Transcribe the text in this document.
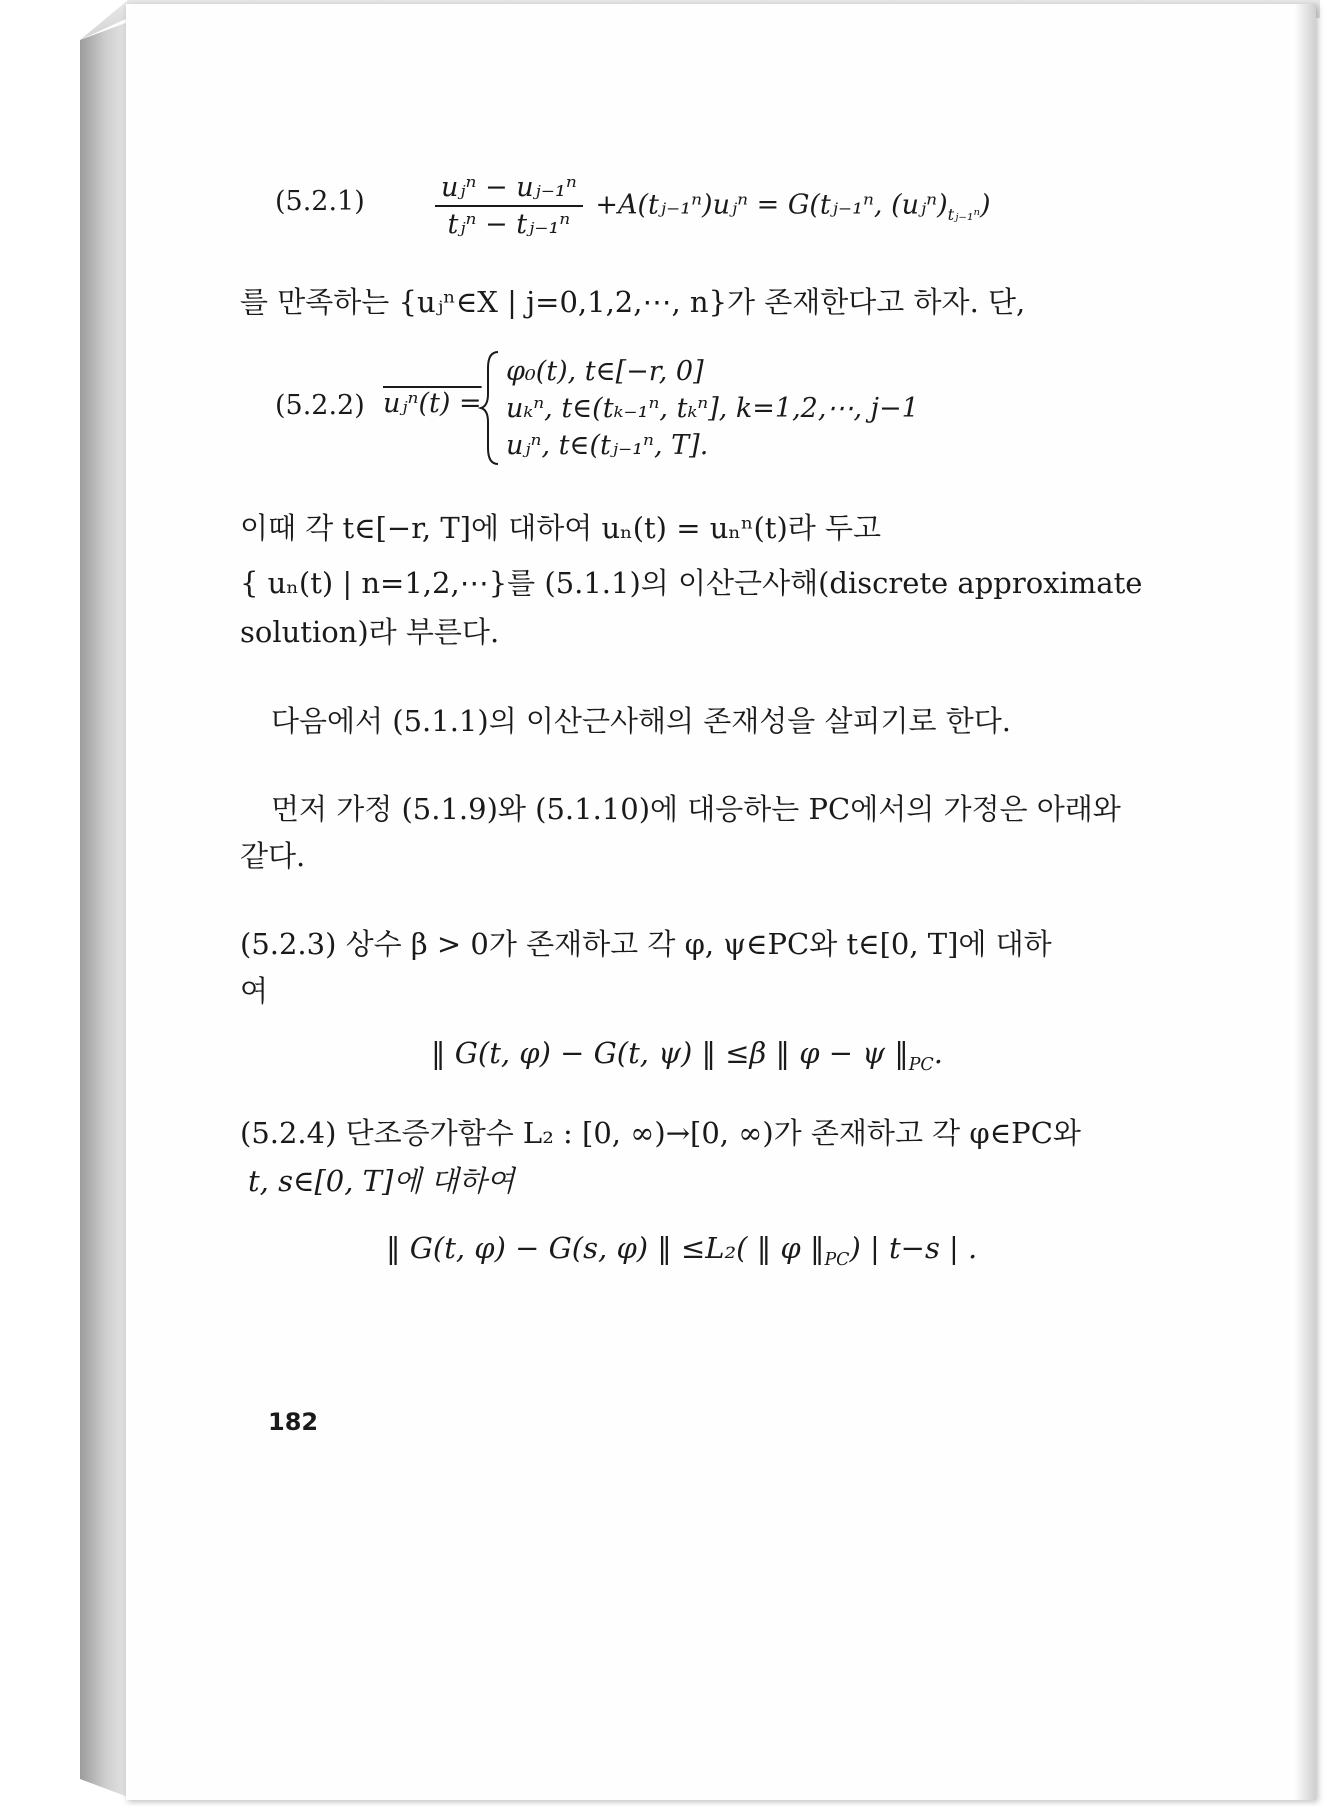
(5.2.1)	$\frac{\text{uⱼⁿ − uⱼ₋₁ⁿ}}{\text{tⱼⁿ − tⱼ₋₁ⁿ}}$ +A(tⱼ₋₁ⁿ)uⱼⁿ = G(tⱼ₋₁ⁿ, $(uⱼ^n)_{tⱼ_{-1}^n}$)
를 만족하는 {uⱼⁿ∈X | j=0,1,2,⋯, n}가 존재한다고 하자. 단,
(5.2.2) uⱼⁿ(t) =
φ₀(t), t∈[−r, 0]
uₖⁿ, t∈(tₖ₋₁ⁿ, tₖⁿ], k=1,2,⋯, j−1
uⱼⁿ, t∈(tⱼ₋₁ⁿ, T].
이때 각 t∈[−r, T]에 대하여 uₙ(t) = uₙⁿ(t)라 두고
{ uₙ(t) | n=1,2,⋯}를 (5.1.1)의 이산근사해(discrete approximate
solution)라 부른다.
다음에서 (5.1.1)의 이산근사해의 존재성을 살피기로 한다.
먼저 가정 (5.1.9)와 (5.1.10)에 대응하는 PC에서의 가정은 아래와
같다.
(5.2.3) 상수 β > 0가 존재하고 각 φ, ψ∈PC와 t∈[0, T]에 대하
여
‖ G(t, φ) − G(t, ψ) ‖ ≤β ‖ φ − ψ $‖_{PC}$.
(5.2.4) 단조증가함수 L₂ : [0, ∞)→[0, ∞)가 존재하고 각 φ∈PC와
t, s∈[0, T]에 대하여
‖ G(t, φ) − G(s, φ) ‖ ≤L₂( ‖ φ $‖_{PC}$) | t−s | .
182
